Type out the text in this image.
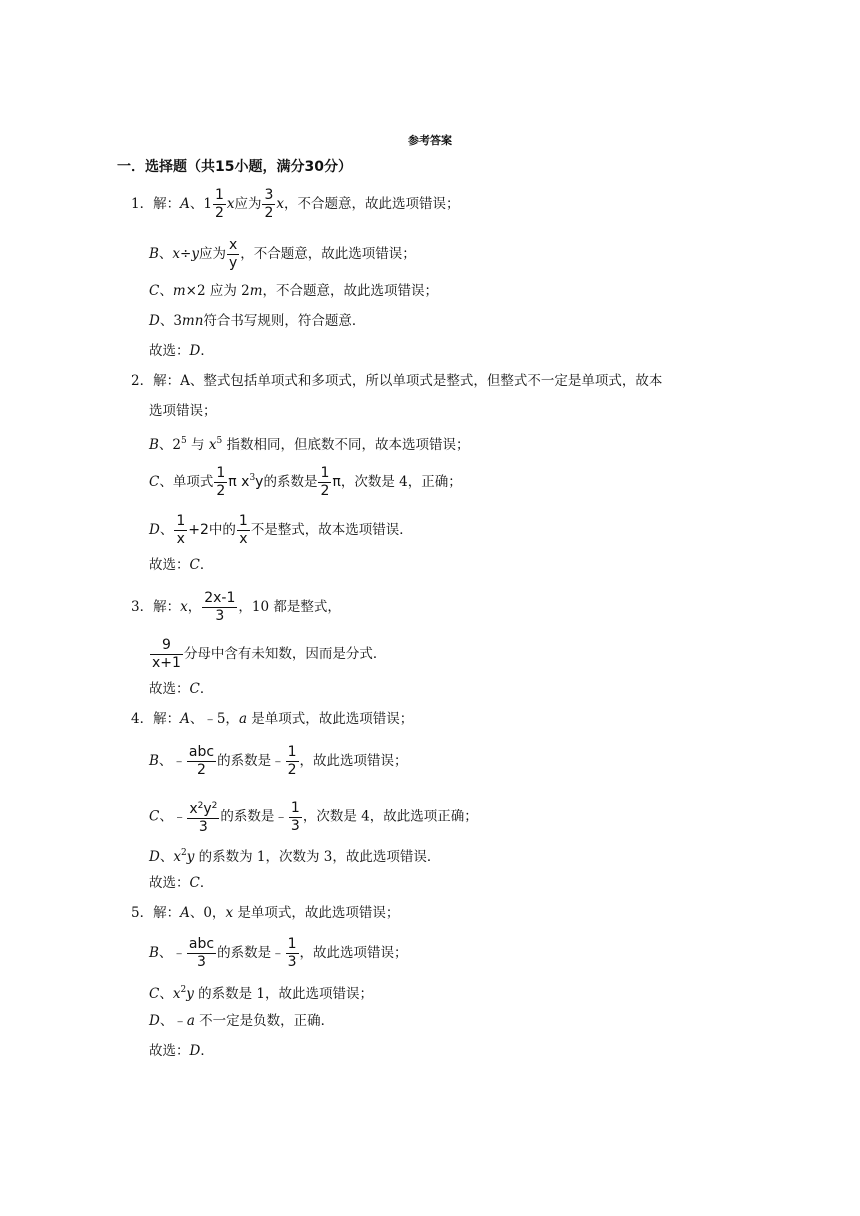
参考答案
一．选择题（共15小题，满分30分）
1．解：A、$1 \frac{1}{2}$ x应为 $\frac{3}{2}$ x，不合题意，故此选项错误；
B、x÷y应为 $\frac{x}{y}$ ，不合题意，故此选项错误；
C、m×2 应为 2m，不合题意，故此选项错误；
D、3mn符合书写规则，符合题意．
故选：D．
2．解：A、整式包括单项式和多项式，所以单项式是整式，但整式不一定是单项式，故本
选项错误；
B、$2^5$ 与 $x^5$ 指数相同，但底数不同，故本选项错误；
C、单项式 $\frac{1}{2}$ π $x^3y$的系数是 $\frac{1}{2}$ π，次数是 4，正确；
D、 $\frac{1}{x} +2$中的 $\frac{1}{x}$ 不是整式，故本选项错误．
故选：C．
3．解：x， $\frac{2x-1}{3}$ ，10 都是整式，
$\frac{9}{x+1}$ 分母中含有未知数，因而是分式．
故选：C．
4．解：A、﹣5，a 是单项式，故此选项错误；
B、﹣ $\frac{\text{abc}}{2}$ 的系数是﹣ $\frac{1}{2}$ ，故此选项错误；
C、﹣ $\frac{x^2y^2}{3}$ 的系数是﹣ $\frac{1}{3}$ ，次数是 4，故此选项正确；
D、$x^2y$ 的系数为 1，次数为 3，故此选项错误．
故选：C．
5．解：A、0，x 是单项式，故此选项错误；
B、﹣ $\frac{\text{abc}}{3}$ 的系数是﹣ $\frac{1}{3}$ ，故此选项错误；
C、$x^2y$ 的系数是 1，故此选项错误；
D、﹣a 不一定是负数，正确．
故选：D．
